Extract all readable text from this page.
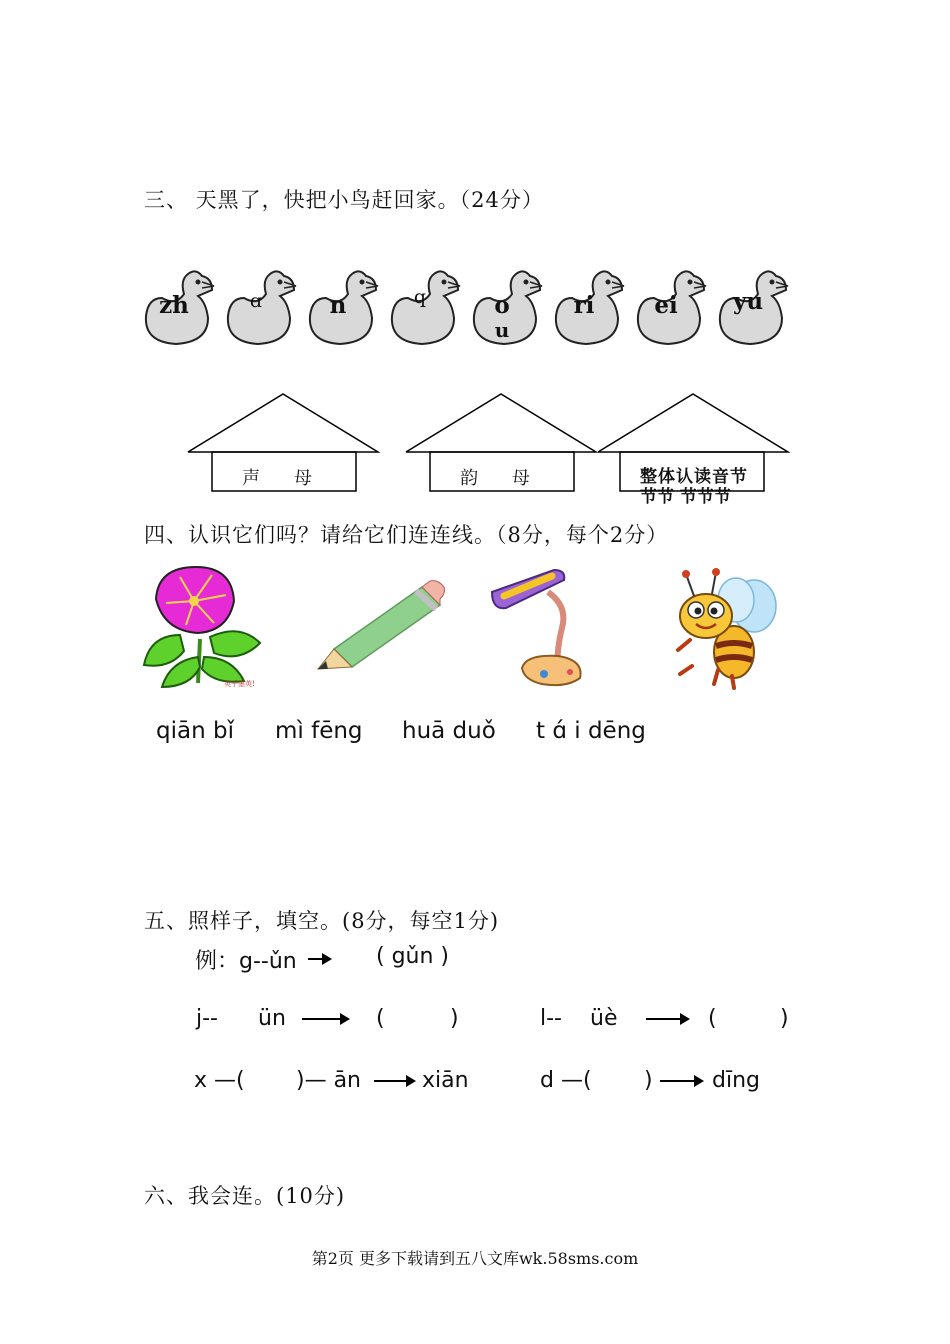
三、 天黑了，快把小鸟赶回家。（24分）
zh	ɑ	n	q	o
u
ri	ei	yu
声 母	韵 母	整体认读音节
节节 节节节
四、认识它们吗？请给它们连连线。（8分，每个2分）
英乎墨英!
qiān bǐ mì fēng huā duǒ t ɑ́ i dēng
五、照样子，填空。(8分，每空1分)
例：g--ǔn	( gǔn )
j-- ün	(	)	l-- üè	(	)
x —( )— ān	xiān	d —( )	dīng
六、我会连。(10分)
第2页 更多下载请到五八文库wk.58sms.com
